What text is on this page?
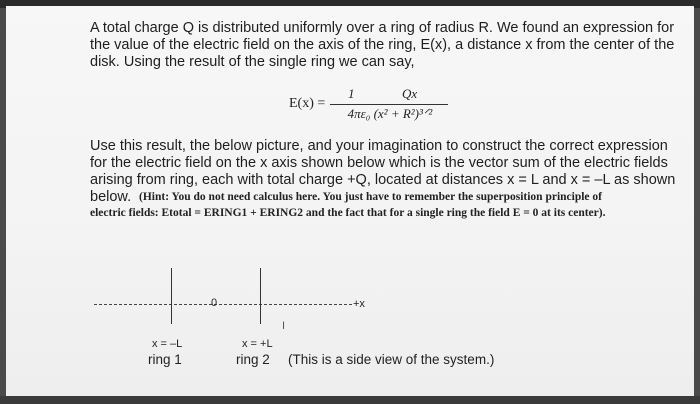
A total charge Q is distributed uniformly over a ring of radius R. We found an expression for

the value of the electric field on the axis of the ring, E(x), a distance x from the center of the

disk. Using the result of the single ring we can say,

E(x) =
1	Qx
4πε₀ (x² + R²)³ᐟ²

Use this result, the below picture, and your imagination to construct the correct expression

for the electric field on the x axis shown below which is the vector sum of the electric fields

arising from ring, each with total charge +Q, located at distances x = L and x = –L as shown

below. (Hint: You do not need calculus here. You just have to remember the superposition principle of
electric fields: Etotal = ERING1 + ERING2 and the fact that for a single ring the field E = 0 at its center).
0	+x
I
x = –L
ring 1
x = +L
ring 2 (This is a side view of the system.)
